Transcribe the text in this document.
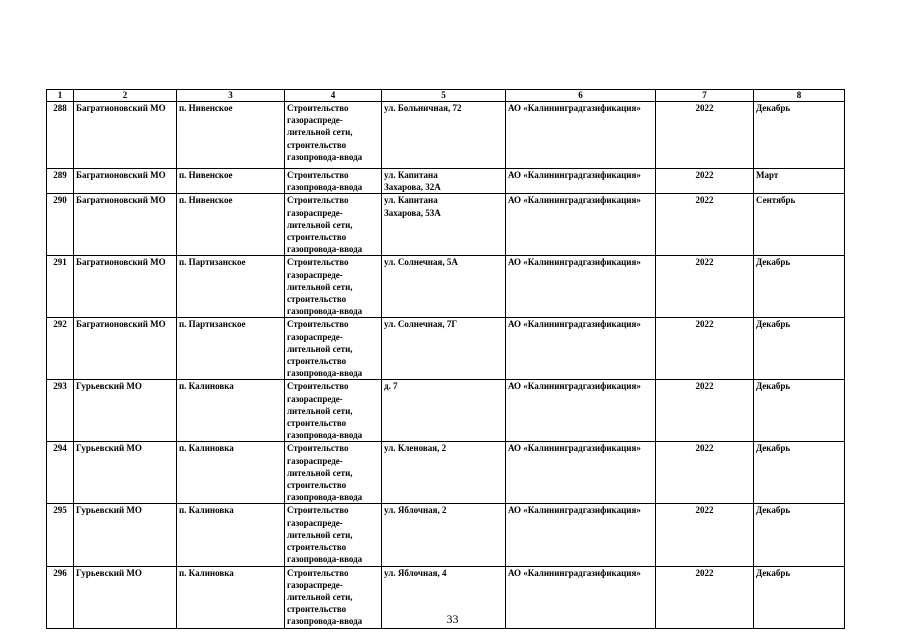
1	2	3	4	5	6	7	8
288	Багратионовский МО	п. Нивенское	Строительство
газораспреде-
лительной сети,
строительство
газопровода-ввода	ул. Больничная, 72	АО «Калининградгазификация»	2022	Декабрь
289	Багратионовский МО	п. Нивенское	Строительство
газопровода-ввода	ул. Капитана
Захарова, 32А	АО «Калининградгазификация»	2022	Март
290	Багратионовский МО	п. Нивенское	Строительство
газораспреде-
лительной сети,
строительство
газопровода-ввода	ул. Капитана
Захарова, 53А	АО «Калининградгазификация»	2022	Сентябрь
291	Багратионовский МО	п. Партизанское	Строительство
газораспреде-
лительной сети,
строительство
газопровода-ввода	ул. Солнечная, 5А	АО «Калининградгазификация»	2022	Декабрь
292	Багратионовский МО	п. Партизанское	Строительство
газораспреде-
лительной сети,
строительство
газопровода-ввода	ул. Солнечная, 7Г	АО «Калининградгазификация»	2022	Декабрь
293	Гурьевский МО	п. Калиновка	Строительство
газораспреде-
лительной сети,
строительство
газопровода-ввода	д. 7	АО «Калининградгазификация»	2022	Декабрь
294	Гурьевский МО	п. Калиновка	Строительство
газораспреде-
лительной сети,
строительство
газопровода-ввода	ул. Кленовая, 2	АО «Калининградгазификация»	2022	Декабрь
295	Гурьевский МО	п. Калиновка	Строительство
газораспреде-
лительной сети,
строительство
газопровода-ввода	ул. Яблочная, 2	АО «Калининградгазификация»	2022	Декабрь
296	Гурьевский МО	п. Калиновка	Строительство
газораспреде-
лительной сети,
строительство
газопровода-ввода	ул. Яблочная, 4	АО «Калининградгазификация»	2022	Декабрь
33
